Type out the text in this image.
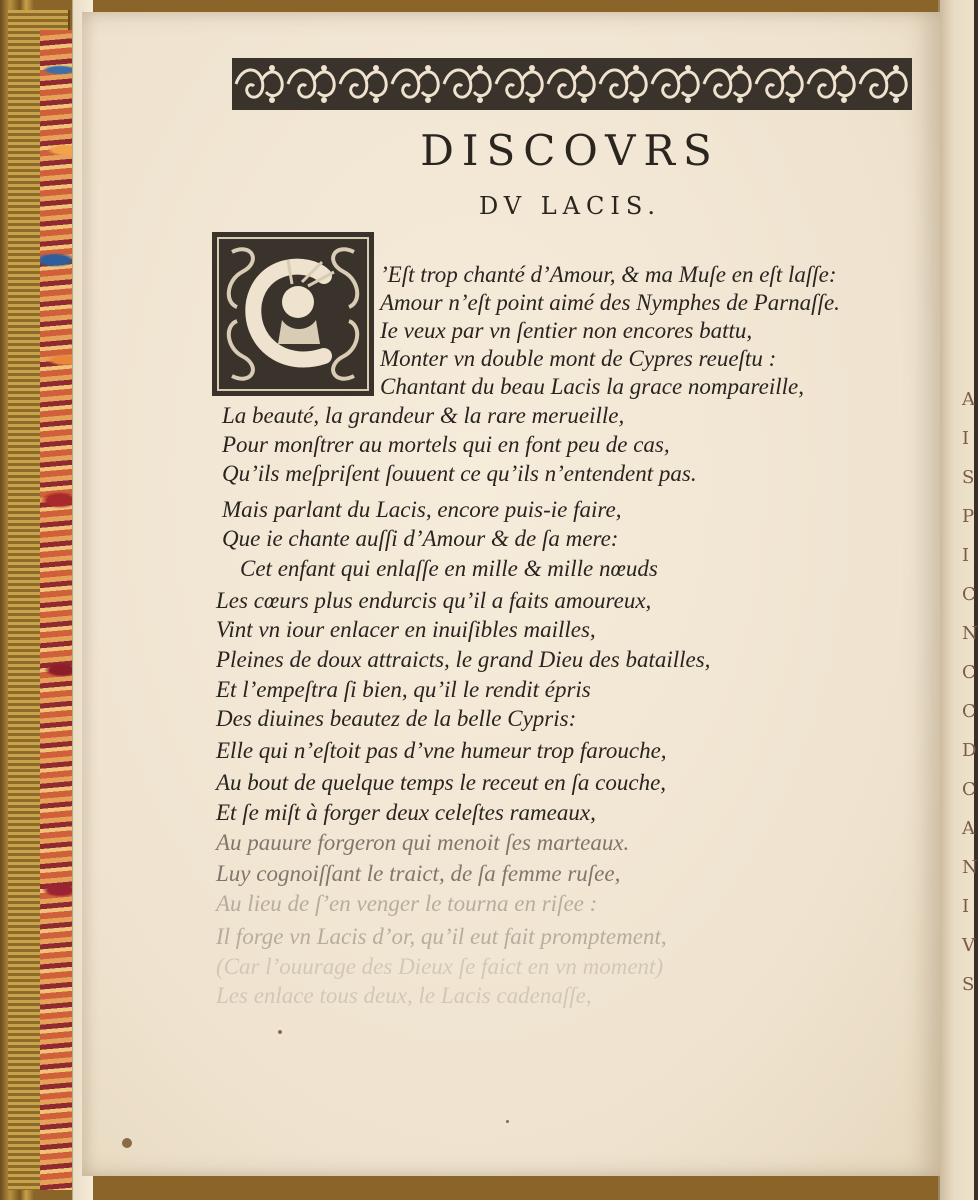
A
I
S
P
I
C
N
C
C
D
C
A
N
I
V
S
DISCOVRS
DV LACIS.
’Eſt trop chanté d’Amour, & ma Muſe en eſt laſſe:
Amour n’eſt point aimé des Nymphes de Parnaſſe.
Ie veux par vn ſentier non encores battu,
Monter vn double mont de Cypres reueſtu :
Chantant du beau Lacis la grace nompareille,
La beauté, la grandeur & la rare merueille,
Pour monſtrer au mortels qui en font peu de cas,
Qu’ils meſpriſent ſouuent ce qu’ils n’entendent pas.
Mais parlant du Lacis, encore puis-ie faire,
Que ie chante auſſi d’Amour & de ſa mere:
Cet enfant qui enlaſſe en mille & mille nœuds
Les cœurs plus endurcis qu’il a faits amoureux,
Vint vn iour enlacer en inuiſibles mailles,
Pleines de doux attraicts, le grand Dieu des batailles,
Et l’empeſtra ſi bien, qu’il le rendit épris
Des diuines beautez de la belle Cypris:
Elle qui n’eſtoit pas d’vne humeur trop farouche,
Au bout de quelque temps le receut en ſa couche,
Et ſe miſt à forger deux celeſtes rameaux,
Au pauure forgeron qui menoit ſes marteaux.
Luy cognoiſſant le traict, de ſa femme ruſee,
Au lieu de ſ’en venger le tourna en riſee :
Il forge vn Lacis d’or, qu’il eut fait promptement,
(Car l’ouurage des Dieux ſe faict en vn moment)
Les enlace tous deux, le Lacis cadenaſſe,
